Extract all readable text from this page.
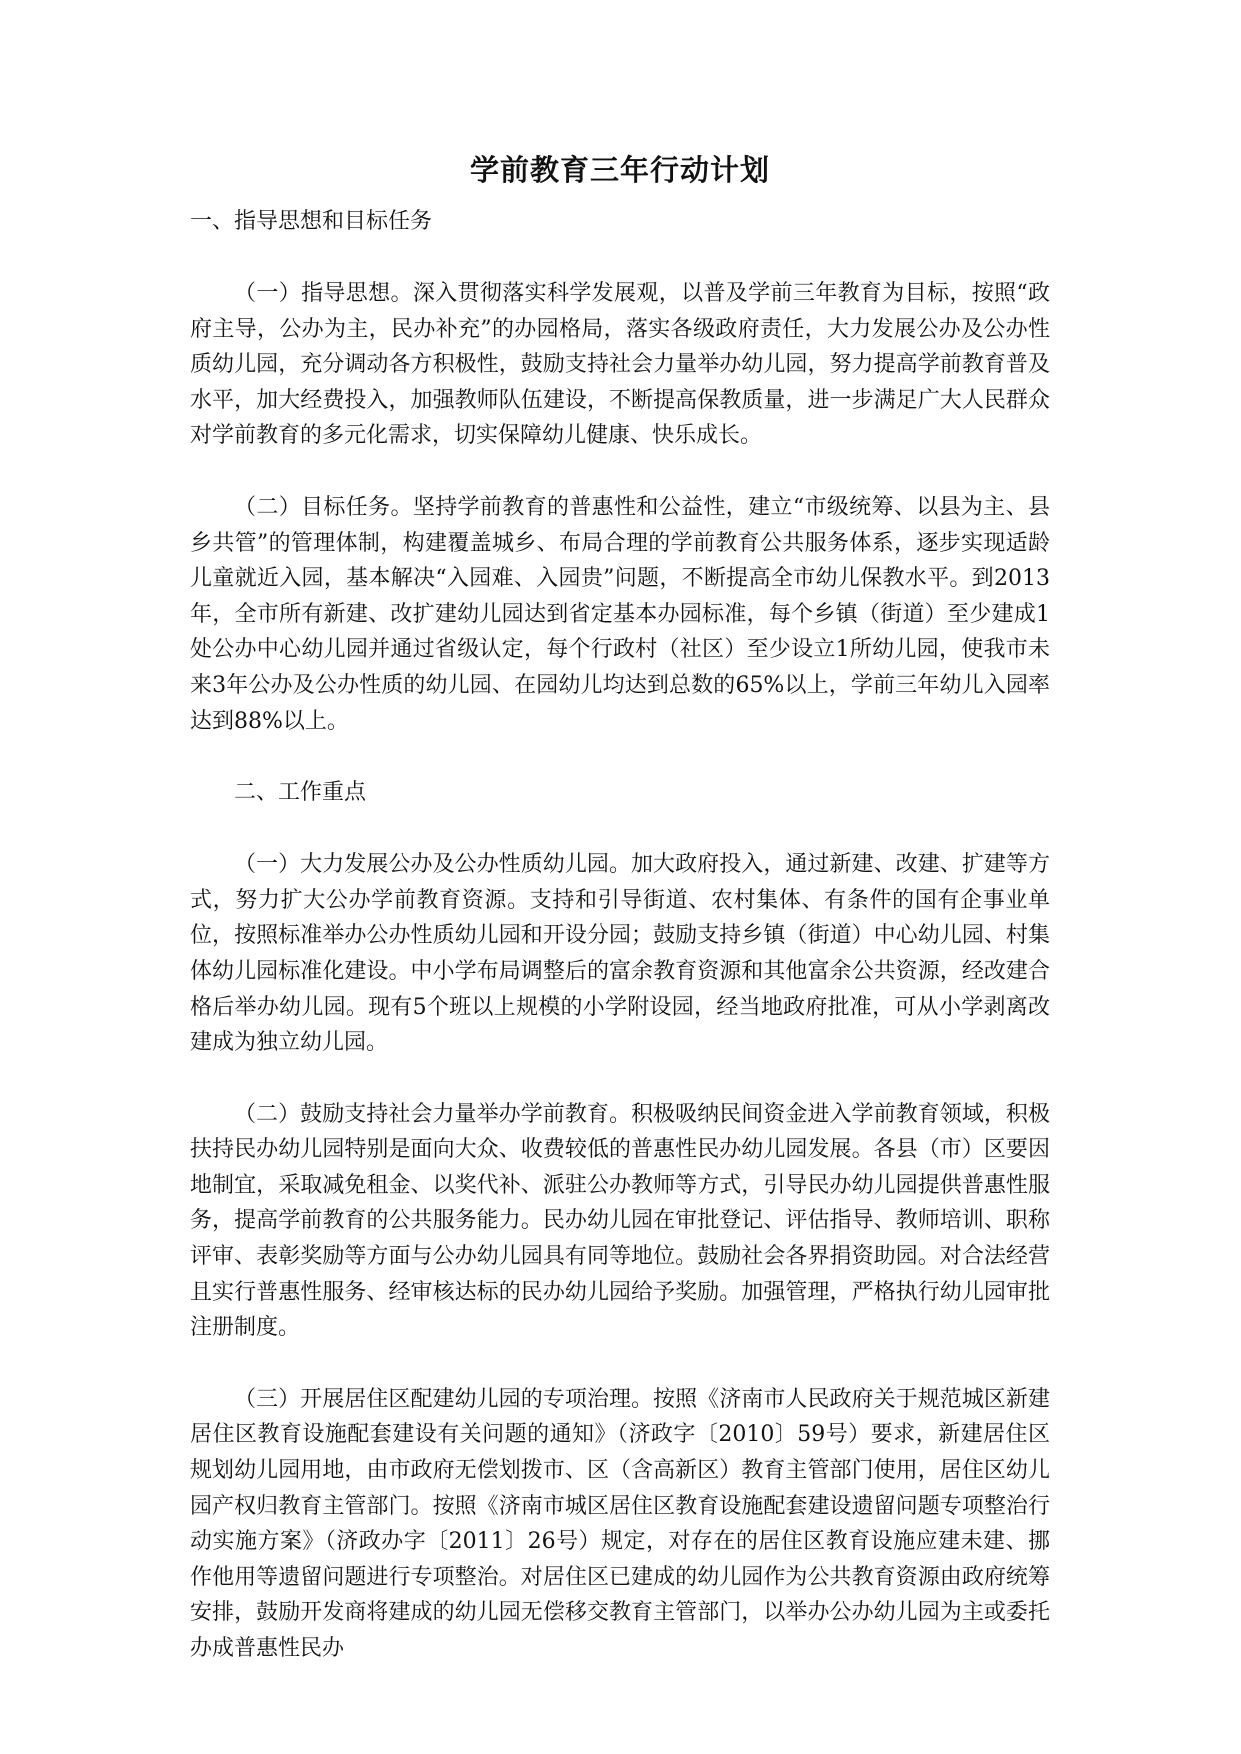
学前教育三年行动计划
一、指导思想和目标任务

（一）指导思想。深入贯彻落实科学发展观，以普及学前三年教育为目标，按照“政府主导，公办为主，民办补充”的办园格局，落实各级政府责任，大力发展公办及公办性质幼儿园，充分调动各方积极性，鼓励支持社会力量举办幼儿园，努力提高学前教育普及水平，加大经费投入，加强教师队伍建设，不断提高保教质量，进一步满足广大人民群众对学前教育的多元化需求，切实保障幼儿健康、快乐成长。

（二）目标任务。坚持学前教育的普惠性和公益性，建立“市级统筹、以县为主、县乡共管”的管理体制，构建覆盖城乡、布局合理的学前教育公共服务体系，逐步实现适龄儿童就近入园，基本解决“入园难、入园贵”问题，不断提高全市幼儿保教水平。到2013年，全市所有新建、改扩建幼儿园达到省定基本办园标准，每个乡镇（街道）至少建成1处公办中心幼儿园并通过省级认定，每个行政村（社区）至少设立1所幼儿园，使我市未来3年公办及公办性质的幼儿园、在园幼儿均达到总数的65%以上，学前三年幼儿入园率达到88%以上。

二、工作重点

（一）大力发展公办及公办性质幼儿园。加大政府投入，通过新建、改建、扩建等方式，努力扩大公办学前教育资源。支持和引导街道、农村集体、有条件的国有企事业单位，按照标准举办公办性质幼儿园和开设分园；鼓励支持乡镇（街道）中心幼儿园、村集体幼儿园标准化建设。中小学布局调整后的富余教育资源和其他富余公共资源，经改建合格后举办幼儿园。现有5个班以上规模的小学附设园，经当地政府批准，可从小学剥离改建成为独立幼儿园。

（二）鼓励支持社会力量举办学前教育。积极吸纳民间资金进入学前教育领域，积极扶持民办幼儿园特别是面向大众、收费较低的普惠性民办幼儿园发展。各县（市）区要因地制宜，采取减免租金、以奖代补、派驻公办教师等方式，引导民办幼儿园提供普惠性服务，提高学前教育的公共服务能力。民办幼儿园在审批登记、评估指导、教师培训、职称评审、表彰奖励等方面与公办幼儿园具有同等地位。鼓励社会各界捐资助园。对合法经营且实行普惠性服务、经审核达标的民办幼儿园给予奖励。加强管理，严格执行幼儿园审批注册制度。

（三）开展居住区配建幼儿园的专项治理。按照《济南市人民政府关于规范城区新建居住区教育设施配套建设有关问题的通知》（济政字〔2010〕59号）要求，新建居住区规划幼儿园用地，由市政府无偿划拨市、区（含高新区）教育主管部门使用，居住区幼儿园产权归教育主管部门。按照《济南市城区居住区教育设施配套建设遗留问题专项整治行动实施方案》（济政办字〔2011〕26号）规定，对存在的居住区教育设施应建未建、挪作他用等遗留问题进行专项整治。对居住区已建成的幼儿园作为公共教育资源由政府统筹安排，鼓励开发商将建成的幼儿园无偿移交教育主管部门，以举办公办幼儿园为主或委托办成普惠性民办
